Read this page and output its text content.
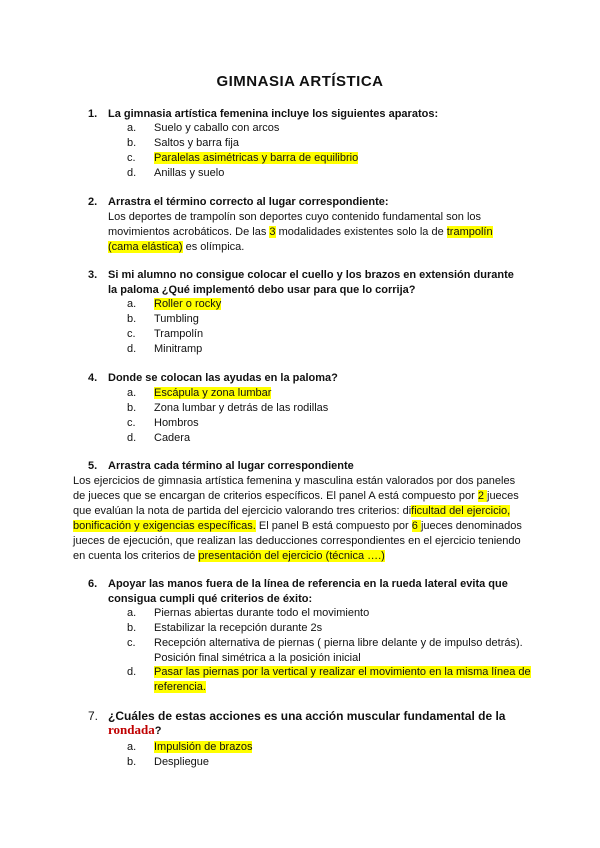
GIMNASIA ARTÍSTICA
1. La gimnasia artística femenina incluye los siguientes aparatos:
a. Suelo y caballo con arcos
b. Saltos y barra fija
c. Paralelas asimétricas y barra de equilibrio
d. Anillas y suelo
2. Arrastra el término correcto al lugar correspondiente:
Los deportes de trampolín son deportes cuyo contenido fundamental son los
movimientos acrobáticos. De las 3 modalidades existentes solo la de trampolín
(cama elástica) es olímpica.
3. Si mi alumno no consigue colocar el cuello y los brazos en extensión durante
la paloma ¿Qué implementó debo usar para que lo corrija?
a. Roller o rocky
b. Tumbling
c. Trampolín
d. Minitramp
4. Donde se colocan las ayudas en la paloma?
a. Escápula y zona lumbar
b. Zona lumbar y detrás de las rodillas
c. Hombros
d. Cadera
5. Arrastra cada término al lugar correspondiente
Los ejercicios de gimnasia artística femenina y masculina están valorados por dos paneles
de jueces que se encargan de criterios específicos. El panel A está compuesto por 2 jueces
que evalúan la nota de partida del ejercicio valorando tres criterios: dificultad del ejercicio,
bonificación y exigencias específicas. El panel B está compuesto por 6 jueces denominados
jueces de ejecución, que realizan las deducciones correspondientes en el ejercicio teniendo
en cuenta los criterios de presentación del ejercicio (técnica ….)
6. Apoyar las manos fuera de la línea de referencia en la rueda lateral evita que
consigua cumpli qué criterios de éxito:
a. Piernas abiertas durante todo el movimiento
b. Estabilizar la recepción durante 2s
c. Recepción alternativa de piernas ( pierna libre delante y de impulso detrás).
Posición final simétrica a la posición inicial
d. Pasar las piernas por la vertical y realizar el movimiento en la misma línea de
referencia.
7. ¿Cuáles de estas acciones es una acción muscular fundamental de la
rondada?
a. Impulsión de brazos
b. Despliegue
